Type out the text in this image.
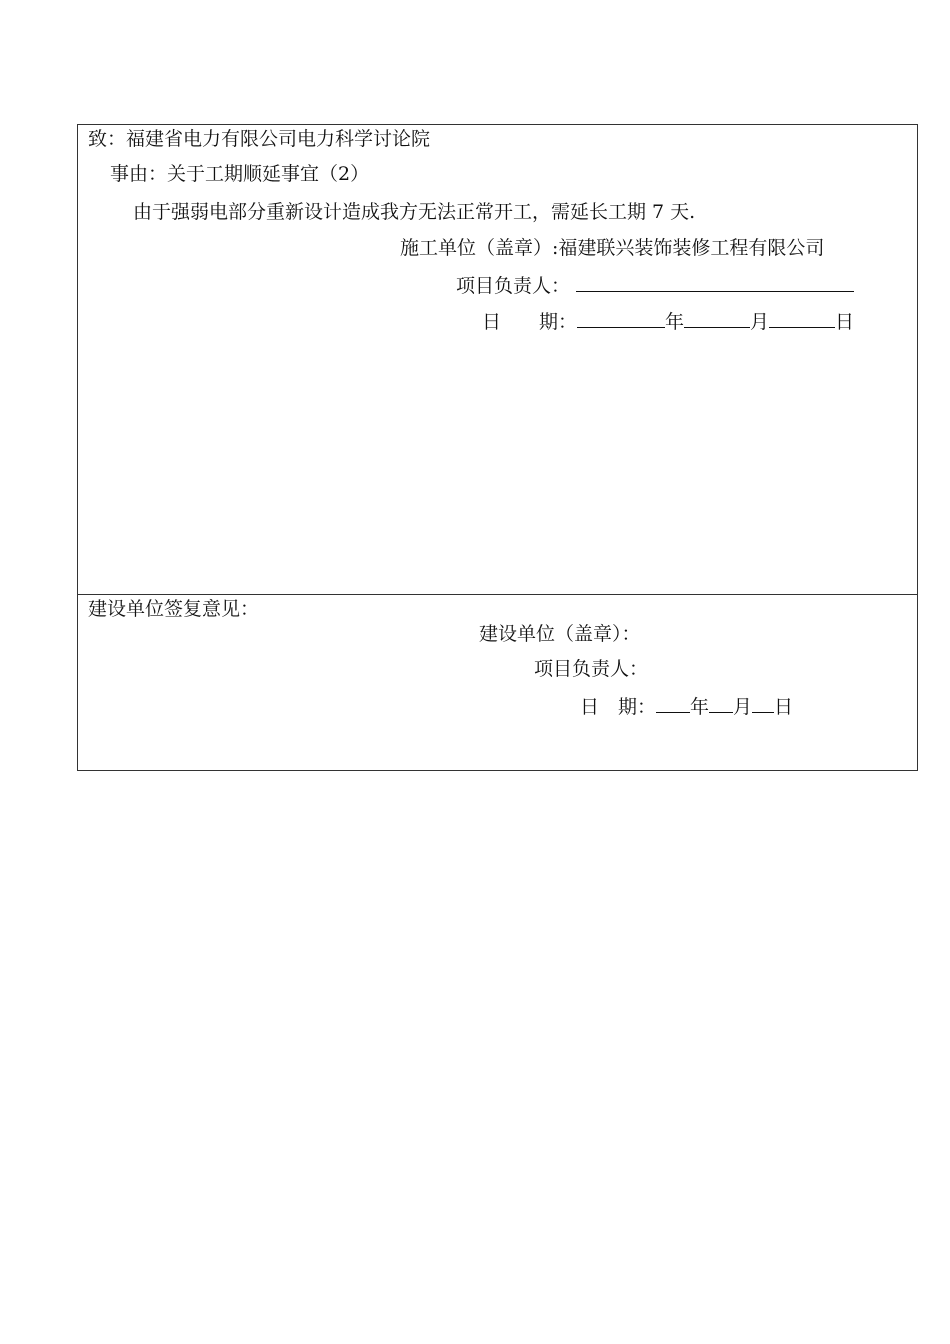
致：福建省电力有限公司电力科学讨论院
事由：关于工期顺延事宜（2）
由于强弱电部分重新设计造成我方无法正常开工，需延长工期 7 天.
施工单位（盖章）:福建联兴装饰装修工程有限公司
项目负责人：
日　　期：	年	月	日
建设单位签复意见：
建设单位（盖章）：
项目负责人：
日　期： 年 月 日
